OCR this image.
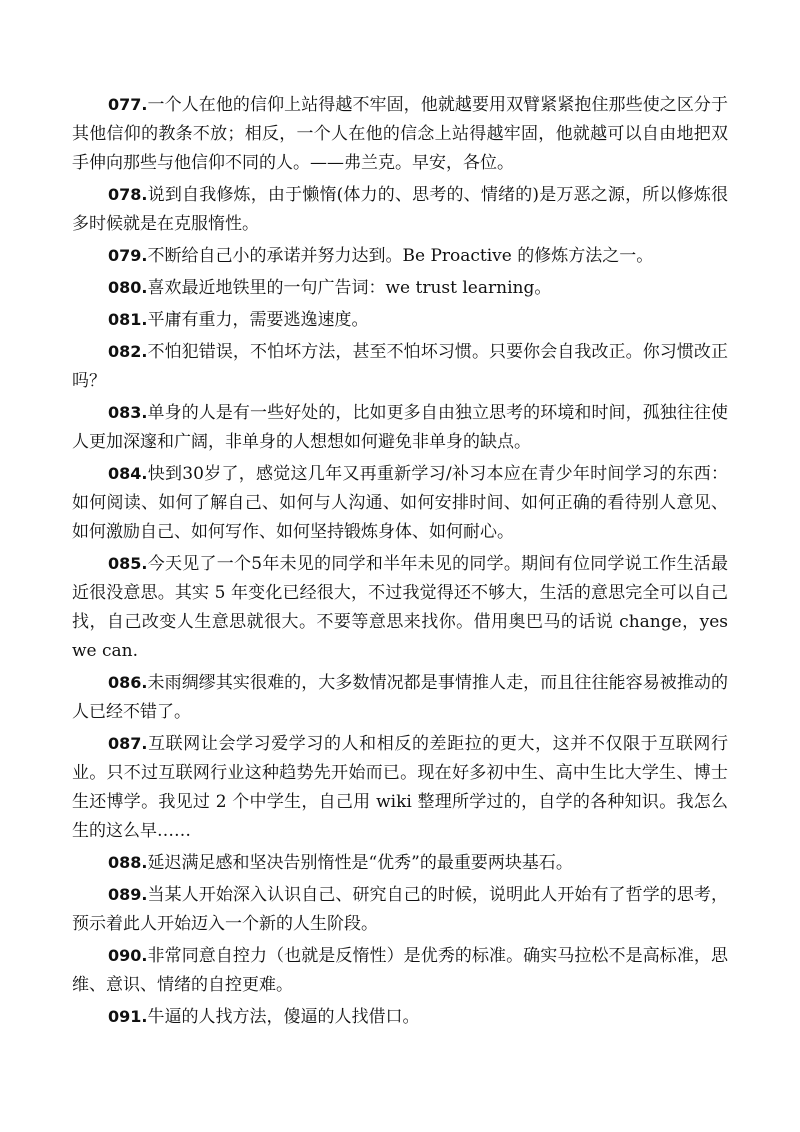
077.一个人在他的信仰上站得越不牢固，他就越要用双臂紧紧抱住那些使之区分于其他信仰的教条不放；相反，一个人在他的信念上站得越牢固，他就越可以自由地把双手伸向那些与他信仰不同的人。——弗兰克。早安，各位。

078.说到自我修炼，由于懒惰(体力的、思考的、情绪的)是万恶之源，所以修炼很多时候就是在克服惰性。

079.不断给自己小的承诺并努力达到。Be Proactive 的修炼方法之一。

080.喜欢最近地铁里的一句广告词：we trust learning。

081.平庸有重力，需要逃逸速度。

082.不怕犯错误，不怕坏方法，甚至不怕坏习惯。只要你会自我改正。你习惯改正吗？

083.单身的人是有一些好处的，比如更多自由独立思考的环境和时间，孤独往往使人更加深邃和广阔，非单身的人想想如何避免非单身的缺点。

084.快到30岁了，感觉这几年又再重新学习/补习本应在青少年时间学习的东西：如何阅读、如何了解自己、如何与人沟通、如何安排时间、如何正确的看待别人意见、如何激励自己、如何写作、如何坚持锻炼身体、如何耐心。

085.今天见了一个5年未见的同学和半年未见的同学。期间有位同学说工作生活最近很没意思。其实 5 年变化已经很大，不过我觉得还不够大，生活的意思完全可以自己找，自己改变人生意思就很大。不要等意思来找你。借用奥巴马的话说 change，yes we can.

086.未雨绸缪其实很难的，大多数情况都是事情推人走，而且往往能容易被推动的人已经不错了。

087.互联网让会学习爱学习的人和相反的差距拉的更大，这并不仅限于互联网行业。只不过互联网行业这种趋势先开始而已。现在好多初中生、高中生比大学生、博士生还博学。我见过 2 个中学生，自己用 wiki 整理所学过的，自学的各种知识。我怎么生的这么早……

088.延迟满足感和坚决告别惰性是“优秀”的最重要两块基石。

089.当某人开始深入认识自己、研究自己的时候，说明此人开始有了哲学的思考，预示着此人开始迈入一个新的人生阶段。

090.非常同意自控力（也就是反惰性）是优秀的标准。确实马拉松不是高标准，思维、意识、情绪的自控更难。

091.牛逼的人找方法，傻逼的人找借口。
